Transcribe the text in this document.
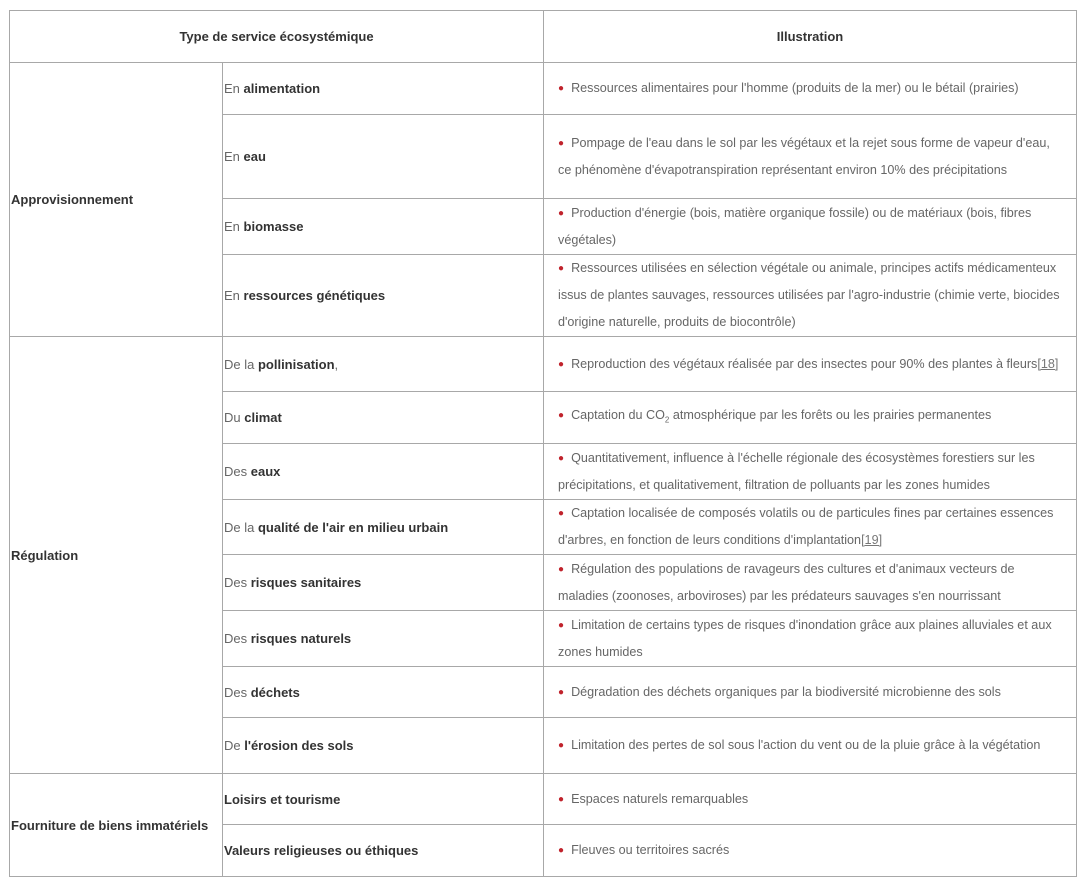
Type de service écosystémique		Illustration
Approvisionnement	En alimentation	● Ressources alimentaires pour l'homme (produits de la mer) ou le bétail (prairies)
	En eau	● Pompage de l'eau dans le sol par les végétaux et la rejet sous forme de vapeur d'eau, ce phénomène d'évapotranspiration représentant environ 10% des précipitations
	En biomasse	● Production d'énergie (bois, matière organique fossile) ou de matériaux (bois, fibres végétales)
	En ressources génétiques	● Ressources utilisées en sélection végétale ou animale, principes actifs médicamenteux issus de plantes sauvages, ressources utilisées par l'agro-industrie (chimie verte, biocides d'origine naturelle, produits de biocontrôle)
Régulation	De la pollinisation,	● Reproduction des végétaux réalisée par des insectes pour 90% des plantes à fleurs[18]
	Du climat	● Captation du $CO_2$ atmosphérique par les forêts ou les prairies permanentes
	Des eaux	● Quantitativement, influence à l'échelle régionale des écosystèmes forestiers sur les précipitations, et qualitativement, filtration de polluants par les zones humides
	De la qualité de l'air en milieu urbain	● Captation localisée de composés volatils ou de particules fines par certaines essences d'arbres, en fonction de leurs conditions d'implantation[19]
	Des risques sanitaires	● Régulation des populations de ravageurs des cultures et d'animaux vecteurs de maladies (zoonoses, arboviroses) par les prédateurs sauvages s'en nourrissant
	Des risques naturels	● Limitation de certains types de risques d'inondation grâce aux plaines alluviales et aux zones humides
	Des déchets	● Dégradation des déchets organiques par la biodiversité microbienne des sols
	De l'érosion des sols	● Limitation des pertes de sol sous l'action du vent ou de la pluie grâce à la végétation
Fourniture de biens immatériels	Loisirs et tourisme	● Espaces naturels remarquables
	Valeurs religieuses ou éthiques	● Fleuves ou territoires sacrés
